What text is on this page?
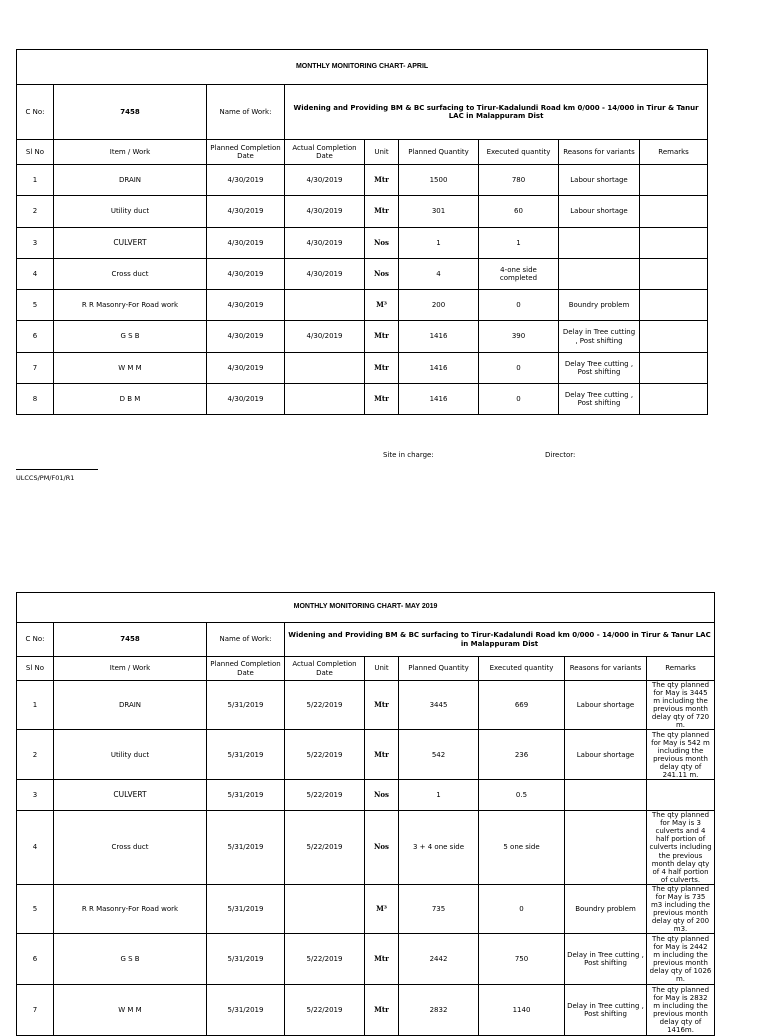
MONTHLY MONITORING CHART- APRIL								
C No:	7458	Name of Work:	Widening and Providing BM & BC surfacing to Tirur-Kadalundi Road km 0/000 - 14/000 in Tirur & Tanur LAC in Malappuram Dist					
Sl No	Item / Work	Planned Completion Date	Actual Completion Date	Unit	Planned Quantity	Executed quantity	Reasons for variants	Remarks
1	DRAIN	4/30/2019	4/30/2019	Mtr	1500	780	Labour shortage	
2	Utility duct	4/30/2019	4/30/2019	Mtr	301	60	Labour shortage	
3	CULVERT	4/30/2019	4/30/2019	Nos	1	1		
4	Cross duct	4/30/2019	4/30/2019	Nos	4	4-one side completed		
5	R R Masonry-For Road work	4/30/2019		M³	200	0	Boundry problem	
6	G S B	4/30/2019	4/30/2019	Mtr	1416	390	Delay in Tree cutting , Post shifting	
7	W M M	4/30/2019		Mtr	1416	0	Delay Tree cutting , Post shifting	
8	D B M	4/30/2019		Mtr	1416	0	Delay Tree cutting , Post shifting	
Site in charge:	Director:
ULCCS/PM/F01/R1
MONTHLY MONITORING CHART- MAY 2019								
C No:	7458	Name of Work:	Widening and Providing BM & BC surfacing to Tirur-Kadalundi Road km 0/000 - 14/000 in Tirur & Tanur LAC in Malappuram Dist					
Sl No	Item / Work	Planned Completion Date	Actual Completion Date	Unit	Planned Quantity	Executed quantity	Reasons for variants	Remarks
1	DRAIN	5/31/2019	5/22/2019	Mtr	3445	669	Labour shortage	The qty planned for May is 3445 m including the previous month delay qty of 720 m.
2	Utility duct	5/31/2019	5/22/2019	Mtr	542	236	Labour shortage	The qty planned for May is 542 m including the previous month delay qty of 241.11 m.
3	CULVERT	5/31/2019	5/22/2019	Nos	1	0.5		
4	Cross duct	5/31/2019	5/22/2019	Nos	3 + 4 one side	5 one side		The qty planned for May is 3 culverts and 4 half portion of culverts including the previous month delay qty of 4 half portion of culverts.
5	R R Masonry-For Road work	5/31/2019		M³	735	0	Boundry problem	The qty planned for May is 735 m3 including the previous month delay qty of 200 m3.
6	G S B	5/31/2019	5/22/2019	Mtr	2442	750	Delay in Tree cutting , Post shifting	The qty planned for May is 2442 m including the previous month delay qty of 1026 m.
7	W M M	5/31/2019	5/22/2019	Mtr	2832	1140	Delay in Tree cutting , Post shifting	The qty planned for May is 2832 m including the previous month delay qty of 1416m.
